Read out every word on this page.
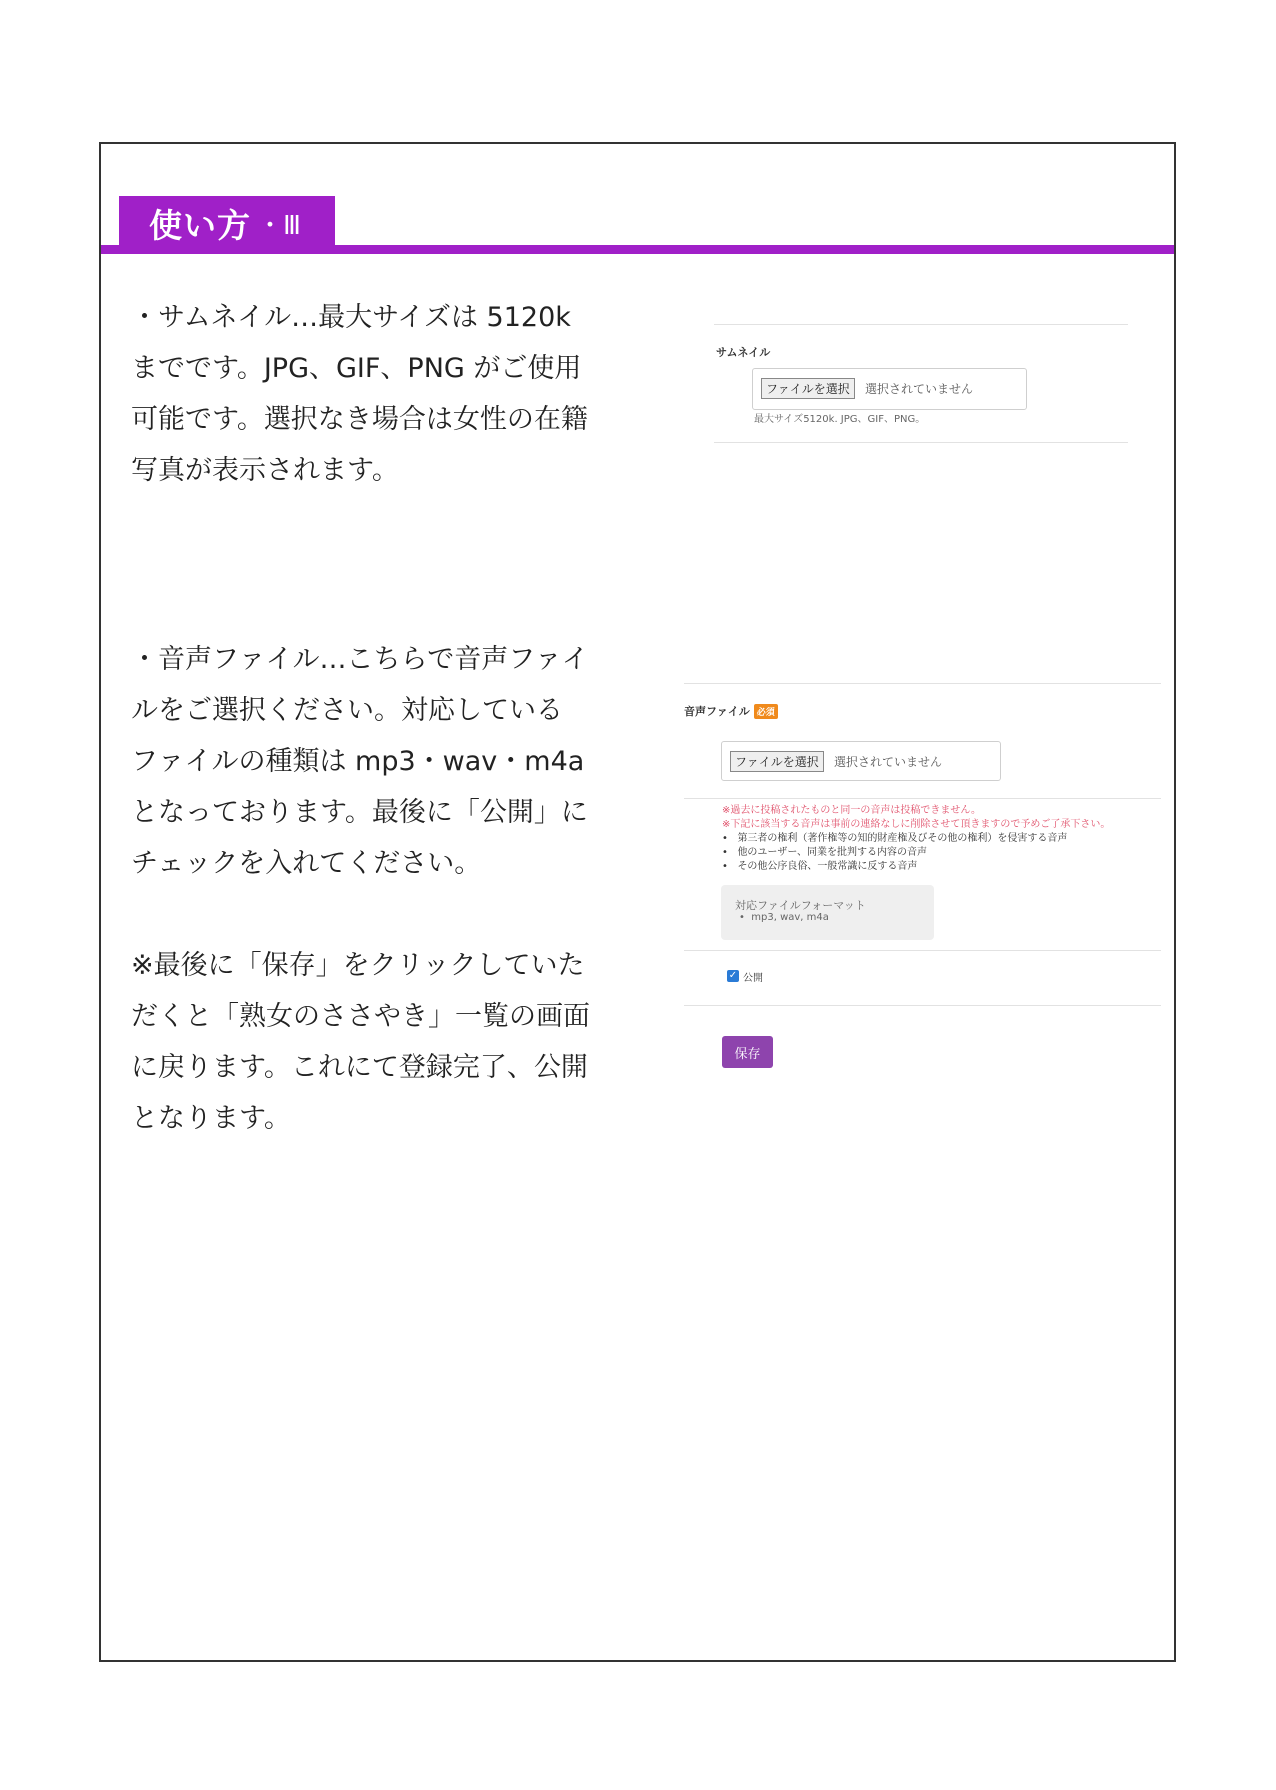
使い方 ・Ⅲ
・サムネイル…最大サイズは 5120k
までです。JPG、GIF、PNG がご使用
可能です。選択なき場合は女性の在籍
写真が表示されます。
・音声ファイル…こちらで音声ファイ
ルをご選択ください。対応している
ファイルの種類は mp3・wav・m4a
となっております。最後に「公開」に
チェックを入れてください。
※最後に「保存」をクリックしていた
だくと「熟女のささやき」一覧の画面
に戻ります。これにて登録完了、公開
となります。
サムネイル
ファイルを選択	選択されていません
最大サイズ5120k. JPG、GIF、PNG。
音声ファイル 必須
ファイルを選択	選択されていません
※過去に投稿されたものと同一の音声は投稿できません。
※下記に該当する音声は事前の連絡なしに削除させて頂きますので予めご了承下さい。
•   第三者の権利（著作権等の知的財産権及びその他の権利）を侵害する音声
•   他のユーザー、同業を批判する内容の音声
•   その他公序良俗、一般常識に反する音声
対応ファイルフォーマット
•  mp3, wav, m4a
✓ 公開
保存
